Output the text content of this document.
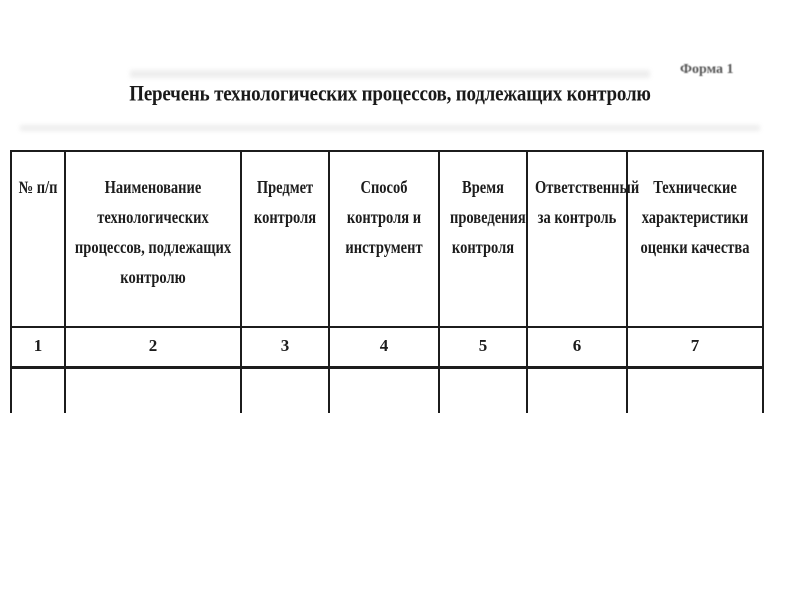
Форма 1
Перечень технологических процессов, подлежащих контролю
№ п/п	Наименование технологических процессов, подлежащих контролю	Предмет контроля	Способ контроля и инструмент	Время проведения контроля	Ответственный за контроль	Технические характеристики оценки качества
1	2	3	4	5	6	7
